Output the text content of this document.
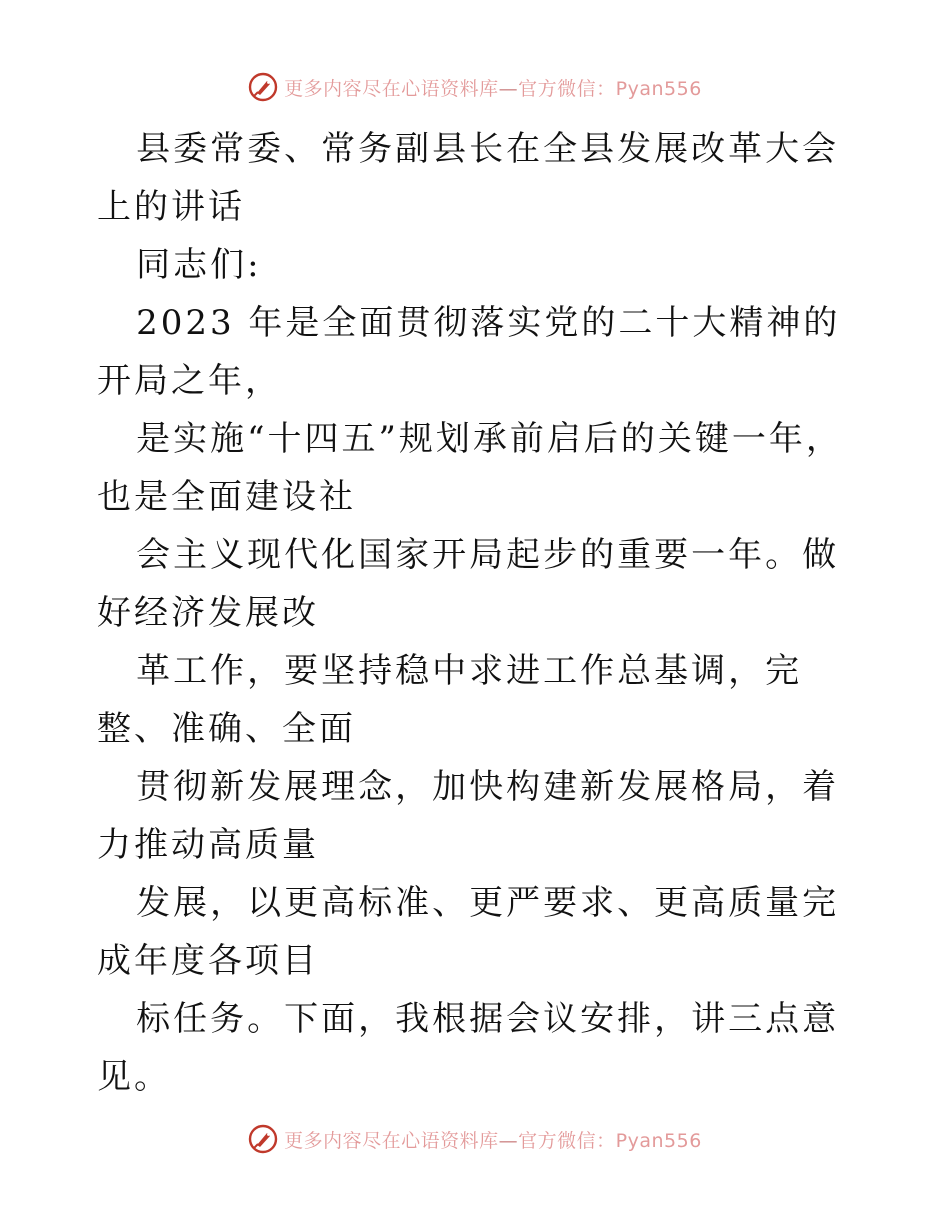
更多内容尽在心语资料库—官方微信：Pyan556

县委常委、常务副县长在全县发展改革大会上的讲话

同志们:

2023 年是全面贯彻落实党的二十大精神的开局之年，

是实施“十四五”规划承前启后的关键一年，也是全面建设社

会主义现代化国家开局起步的重要一年。做好经济发展改

革工作，要坚持稳中求进工作总基调，完整、准确、全面

贯彻新发展理念，加快构建新发展格局，着力推动高质量

发展，以更高标准、更严要求、更高质量完成年度各项目

标任务。下面，我根据会议安排，讲三点意见。

更多内容尽在心语资料库—官方微信：Pyan556
